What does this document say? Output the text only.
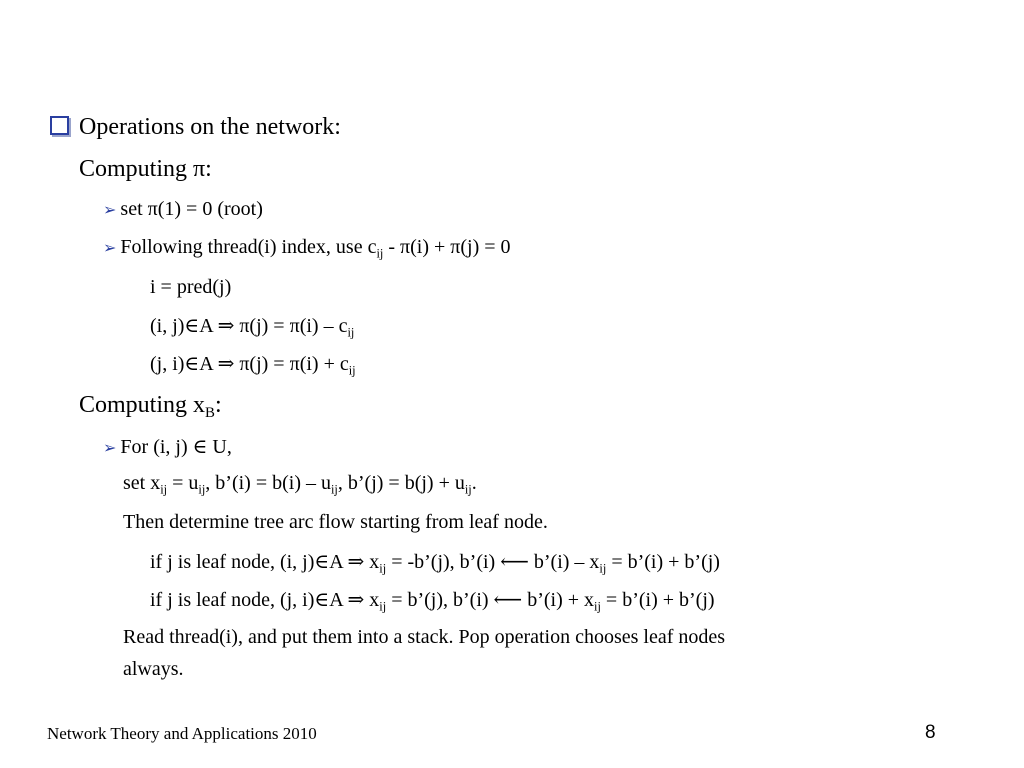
Operations on the network:
Computing π:
➢ set π(1) = 0 (root)
➢ Following thread(i) index, use $c_{ij} - \pi(i) + \pi(j) = 0$
i = pred(j)
(i, j)∈A ⇒ $\pi(j) = \pi(i) - c_{ij}$
(j, i)∈A ⇒ $\pi(j) = \pi(i) + c_{ij}$
Computing $x_B$:
➢ For (i, j) ∈ U,
set $x_{ij} = u_{ij}$, b’(i) = $b(i) - u_{ij}$, b’(j) = $b(j) + u_{ij}$.
Then determine tree arc flow starting from leaf node.
if j is leaf node, (i, j)∈A ⇒ $x_{ij}$ = -b’(j), b’(i) ⟵ b’(i) – $x_{ij}$ = b’(i) + b’(j)
if j is leaf node, (j, i)∈A ⇒ $x_{ij}$ = b’(j), b’(i) ⟵ b’(i) + $x_{ij}$ = b’(i) + b’(j)
Read thread(i), and put them into a stack. Pop operation chooses leaf nodes
always.
Network Theory and Applications 2010	8
